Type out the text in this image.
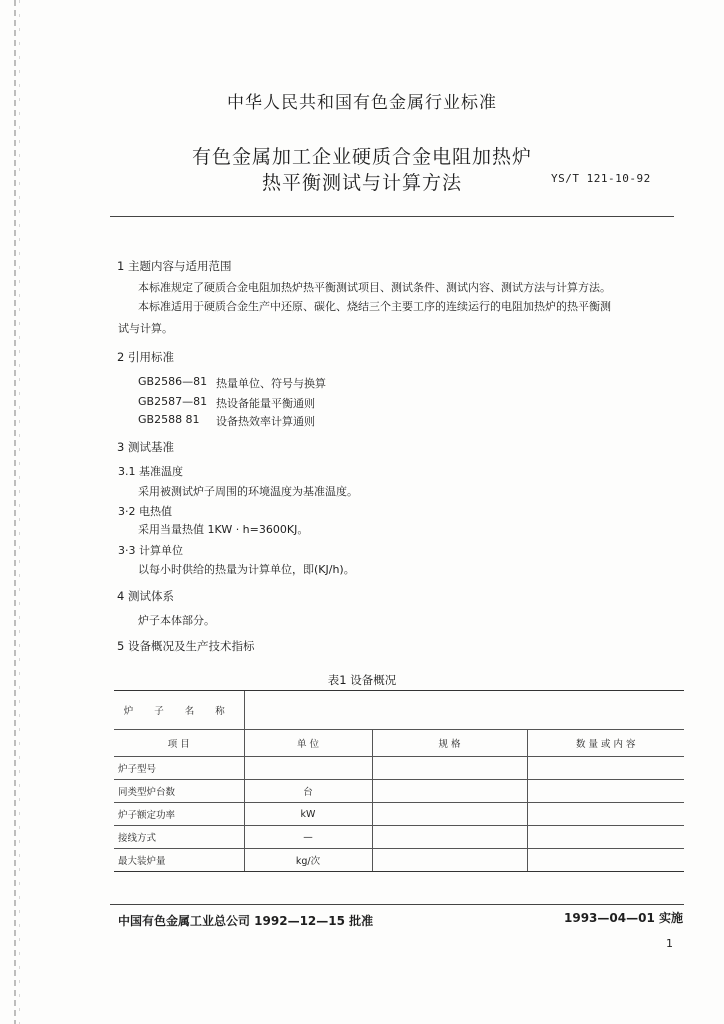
中华人民共和国有色金属行业标准
有色金属加工企业硬质合金电阻加热炉
热平衡测试与计算方法	YS/T 121-10-92
1 主题内容与适用范围
本标准规定了硬质合金电阻加热炉热平衡测试项目、测试条件、测试内容、测试方法与计算方法。
本标准适用于硬质合金生产中还原、碳化、烧结三个主要工序的连续运行的电阻加热炉的热平衡测
试与计算。
2 引用标准
GB2586—81 热量单位、符号与换算
GB2587—81 热设备能量平衡通则
GB2588 81 设备热效率计算通则
3 测试基准
3.1 基准温度
采用被测试炉子周围的环境温度为基准温度。
3·2 电热值
采用当量热值 1KW · h=3600KJ。
3·3 计算单位
以每小时供给的热量为计算单位，即(KJ/h)。
4 测试体系
炉子本体部分。
5 设备概况及生产技术指标
表1 设备概况
炉 子 名 称			
项 目	单 位	规 格	数 量 或 内 容
炉子型号			
同类型炉台数	台		
炉子额定功率	kW		
接线方式	—		
最大装炉量	kg/次		
中国有色金属工业总公司 1992—12—15 批准	1993—04—01 实施
1
